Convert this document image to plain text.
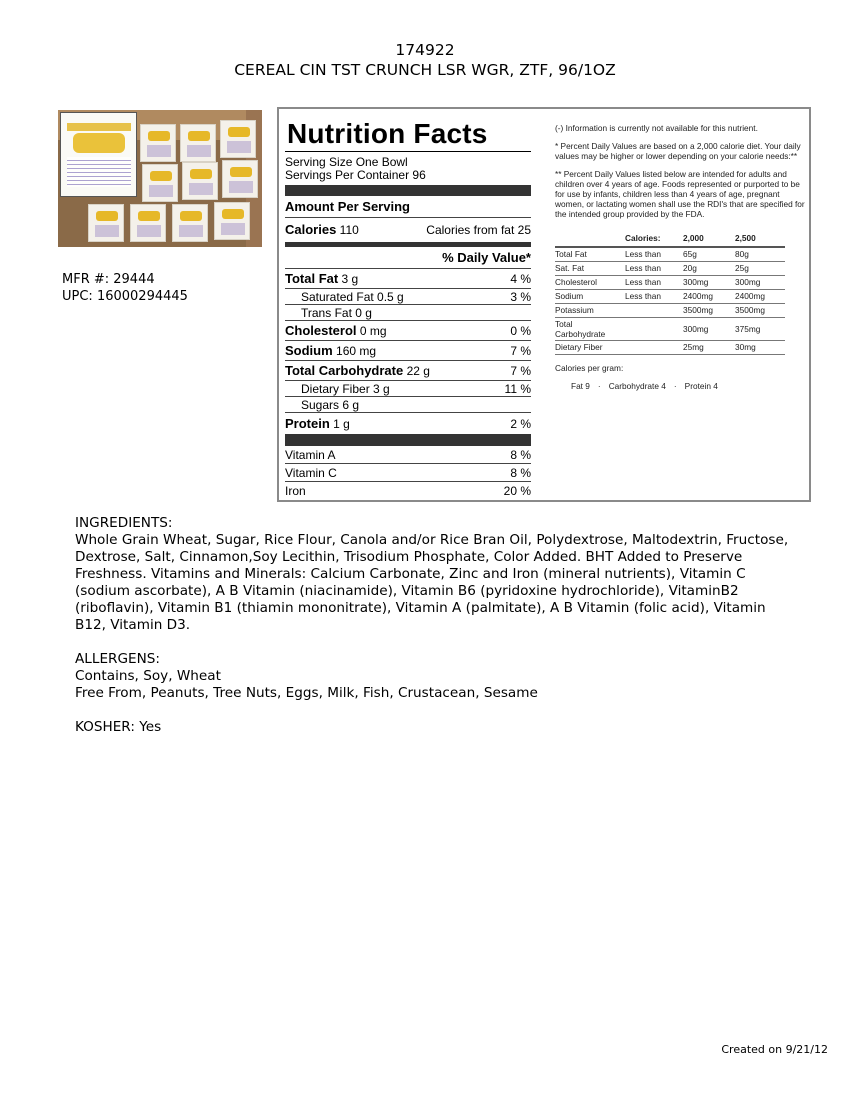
174922
CEREAL CIN TST CRUNCH LSR WGR, ZTF, 96/1OZ
MFR #: 29444
UPC: 16000294445
Nutrition Facts
Serving Size One Bowl
Servings Per Container 96
Amount Per Serving
Calories 110	Calories from fat 25
% Daily Value*
Total Fat 3 g	4 %
Saturated Fat 0.5 g	3 %
Trans Fat 0 g
Cholesterol 0 mg	0 %
Sodium 160 mg	7 %
Total Carbohydrate 22 g	7 %
Dietary Fiber 3 g	11 %
Sugars 6 g
Protein 1 g	2 %
Vitamin A	8 %
Vitamin C	8 %
Iron	20 %

(-) Information is currently not available for this nutrient.

* Percent Daily Values are based on a 2,000 calorie diet. Your daily values may be higher or lower depending on your calorie needs:**

** Percent Daily Values listed below are intended for adults and children over 4 years of age. Foods represented or purported to be for use by infants, children less than 4 years of age, pregnant women, or lactating women shall use the RDI's that are specified for the intended group provided by the FDA.

	Calories:	2,000	2,500
Total Fat	Less than	65g	80g
Sat. Fat	Less than	20g	25g
Cholesterol	Less than	300mg	300mg
Sodium	Less than	2400mg	2400mg
Potassium		3500mg	3500mg
Total Carbohydrate		300mg	375mg
Dietary Fiber		25mg	30mg
Calories per gram:
Fat 9 · Carbohydrate 4 · Protein 4
INGREDIENTS:
Whole Grain Wheat, Sugar, Rice Flour, Canola and/or Rice Bran Oil, Polydextrose, Maltodextrin, Fructose, Dextrose, Salt, Cinnamon,Soy Lecithin, Trisodium Phosphate, Color Added. BHT Added to Preserve Freshness. Vitamins and Minerals: Calcium Carbonate, Zinc and Iron (mineral nutrients), Vitamin C (sodium ascorbate), A B Vitamin (niacinamide), Vitamin B6 (pyridoxine hydrochloride), VitaminB2 (riboflavin), Vitamin B1 (thiamin mononitrate), Vitamin A (palmitate), A B Vitamin (folic acid), Vitamin B12, Vitamin D3.
ALLERGENS:
Contains, Soy, Wheat
Free From, Peanuts, Tree Nuts, Eggs, Milk, Fish, Crustacean, Sesame
KOSHER: Yes
Created on 9/21/12
